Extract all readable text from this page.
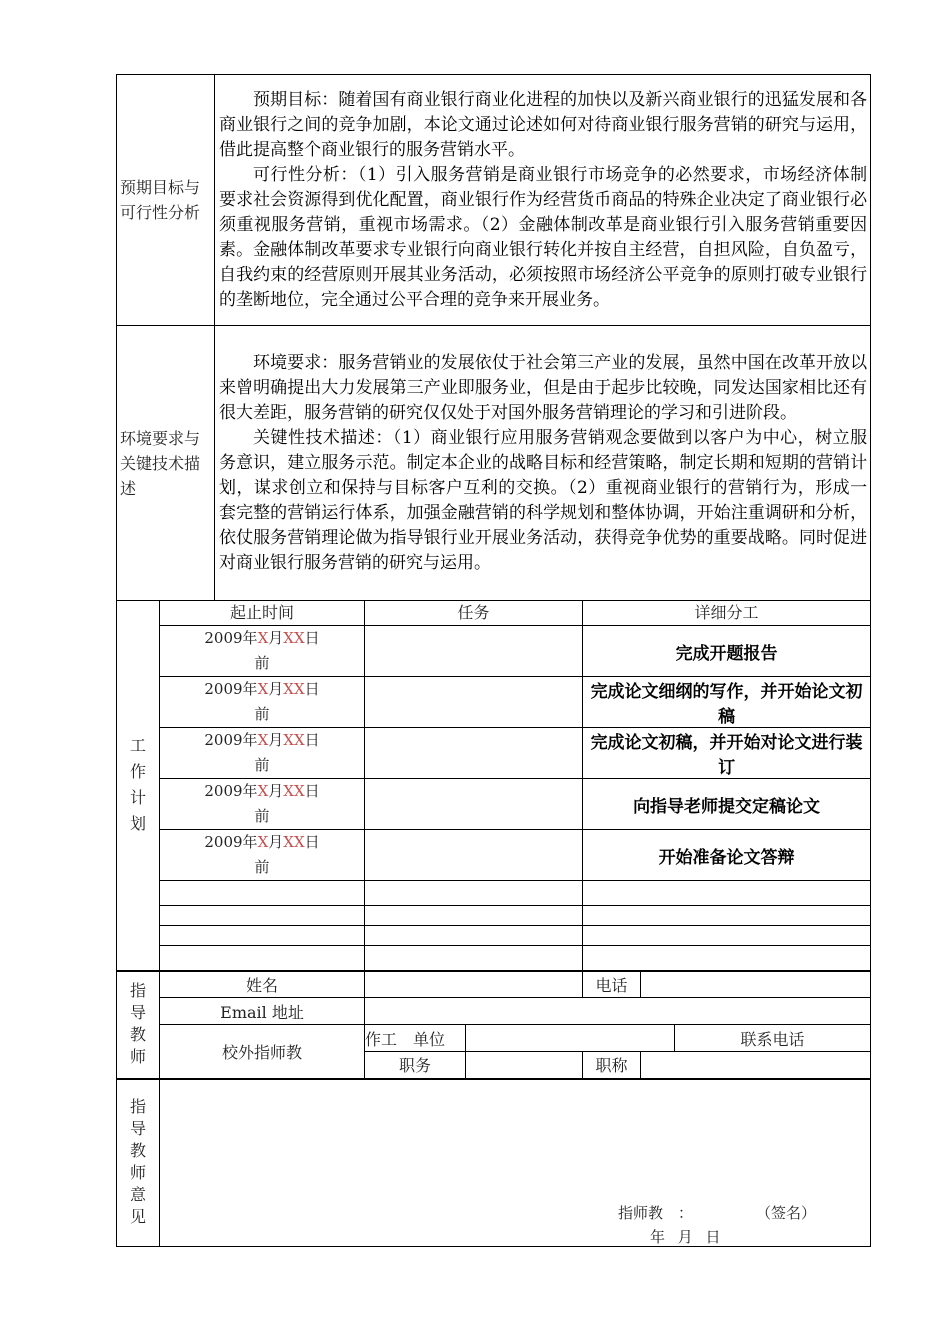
预期目标与可行性分析		预期目标：随着国有商业银行商业化进程的加快以及新兴商业银行的迅猛发展和各商业银行之间的竞争加剧，本论文通过论述如何对待商业银行服务营销的研究与运用，借此提高整个商业银行的服务营销水平。

可行性分析：（1）引入服务营销是商业银行市场竞争的必然要求，市场经济体制要求社会资源得到优化配置，商业银行作为经营货币商品的特殊企业决定了商业银行必须重视服务营销，重视市场需求。（2）金融体制改革是商业银行引入服务营销重要因素。金融体制改革要求专业银行向商业银行转化并按自主经营，自担风险，自负盈亏，自我约束的经营原则开展其业务活动，必须按照市场经济公平竞争的原则打破专业银行的垄断地位，完全通过公平合理的竞争来开展业务。						

环境要求与关键技术描述		环境要求：服务营销业的发展依仗于社会第三产业的发展，虽然中国在改革开放以来曾明确提出大力发展第三产业即服务业，但是由于起步比较晚，同发达国家相比还有很大差距，服务营销的研究仅仅处于对国外服务营销理论的学习和引进阶段。

关键性技术描述：（1）商业银行应用服务营销观念要做到以客户为中心，树立服务意识，建立服务示范。制定本企业的战略目标和经营策略，制定长期和短期的营销计划，谋求创立和保持与目标客户互利的交换。（2）重视商业银行的营销行为，形成一套完整的营销运行体系，加强金融营销的科学规划和整体协调，开始注重调研和分析，依仗服务营销理论做为指导银行业开展业务活动，获得竞争优势的重要战略。同时促进对商业银行服务营销的研究与运用。						

工作计划	起止时间		任务		详细分工			
	2009年X月XX日
前				完成开题报告			
	2009年X月XX日
前				完成论文细纲的写作，并开始论文初稿			
	2009年X月XX日
前				完成论文初稿，并开始对论文进行装订			
	2009年X月XX日
前				向指导老师提交定稿论文			
	2009年X月XX日
前				开始准备论文答辩			

指导教师	姓名				电话			
	Email 地址							
	校外指师教		作工　单位				联系电话	
			职务		职称			
指导教师意见	指师教　： （签名）
年 月 日							
